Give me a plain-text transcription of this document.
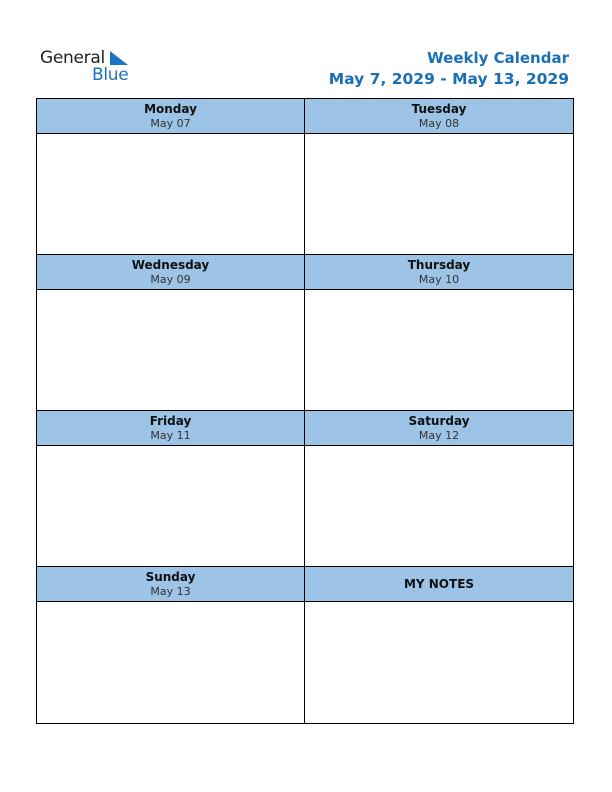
General
Blue
Weekly Calendar
May 7, 2029 - May 13, 2029
Monday
May 07
Tuesday
May 08
Wednesday
May 09
Thursday
May 10
Friday
May 11
Saturday
May 12
Sunday
May 13	MY NOTES
